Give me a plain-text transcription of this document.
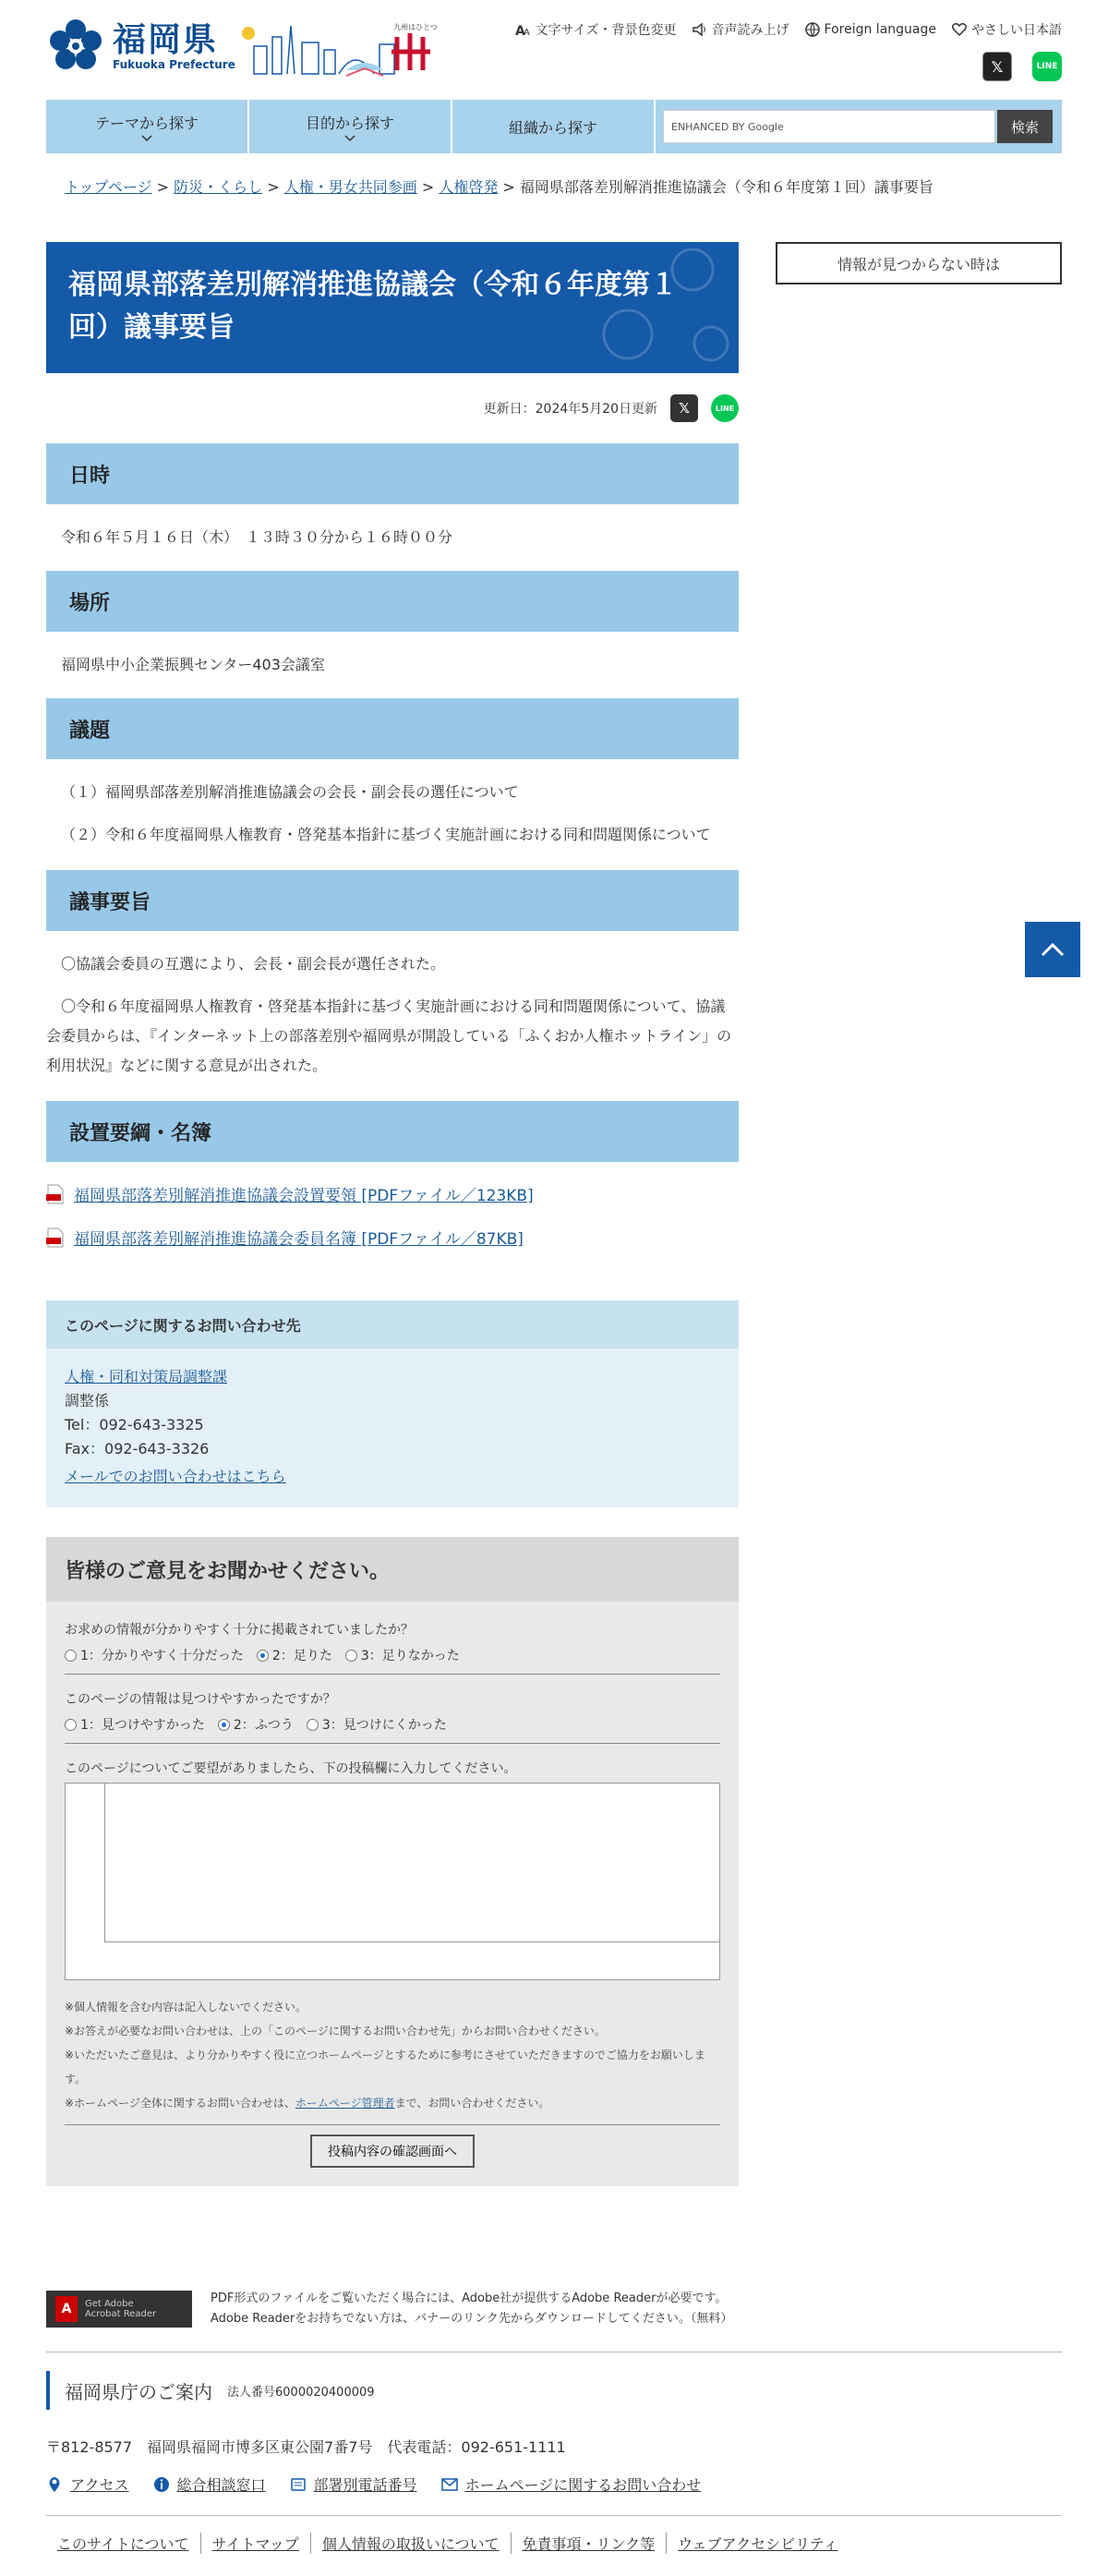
福岡県
Fukuoka Prefecture
九州はひとつ	A
A 文字サイズ・背景色変更	音声読み上げ	Foreign language	やさしい日本語
𝕏	LINE
テーマから探す	目的から探す	組織から探す	ENHANCED BY Google	検索
トップページ > 防災・くらし > 人権・男女共同参画 > 人権啓発 > 福岡県部落差別解消推進協議会（令和６年度第１回）議事要旨
情報が見つからない時は
福岡県部落差別解消推進協議会（令和６年度第１回）議事要旨
更新日：2024年5月20日更新	𝕏	LINE
日時

令和６年５月１６日（木）　１３時３０分から１６時００分

場所

福岡県中小企業振興センター403会議室

議題

（１）福岡県部落差別解消推進協議会の会長・副会長の選任について

（２）令和６年度福岡県人権教育・啓発基本指針に基づく実施計画における同和問題関係について

議事要旨

〇協議会委員の互選により、会長・副会長が選任された。

〇令和６年度福岡県人権教育・啓発基本指針に基づく実施計画における同和問題関係について、協議会委員からは、『インターネット上の部落差別や福岡県が開設している「ふくおか人権ホットライン」の利用状況』などに関する意見が出された。

設置要綱・名簿
福岡県部落差別解消推進協議会設置要領 [PDFファイル／123KB]
福岡県部落差別解消推進協議会委員名簿 [PDFファイル／87KB]
このページに関するお問い合わせ先
人権・同和対策局調整課
調整係
Tel：092-643-3325
Fax：092-643-3326
メールでのお問い合わせはこちら
皆様のご意見をお聞かせください。
お求めの情報が分かりやすく十分に掲載されていましたか？
1：分かりやすく十分だった 2：足りた 3：足りなかった
このページの情報は見つけやすかったですか？
1：見つけやすかった 2：ふつう 3：見つけにくかった
このページについてご要望がありましたら、下の投稿欄に入力してください。
※個人情報を含む内容は記入しないでください。
※お答えが必要なお問い合わせは、上の「このページに関するお問い合わせ先」からお問い合わせください。
※いただいたご意見は、より分かりやすく役に立つホームページとするために参考にさせていただきますのでご協力をお願いします。
※ホームページ全体に関するお問い合わせは、ホームページ管理者まで、お問い合わせください。
投稿内容の確認画面へ
A	Get Adobe
Acrobat Reader
PDF形式のファイルをご覧いただく場合には、Adobe社が提供するAdobe Readerが必要です。
Adobe Readerをお持ちでない方は、バナーのリンク先からダウンロードしてください。（無料）
福岡県庁のご案内 法人番号6000020400009
〒812-8577　福岡県福岡市博多区東公園7番7号　代表電話：092-651-1111
アクセス	総合相談窓口	部署別電話番号	ホームページに関するお問い合わせ
このサイトについて	サイトマップ	個人情報の取扱いについて	免責事項・リンク等	ウェブアクセシビリティ
